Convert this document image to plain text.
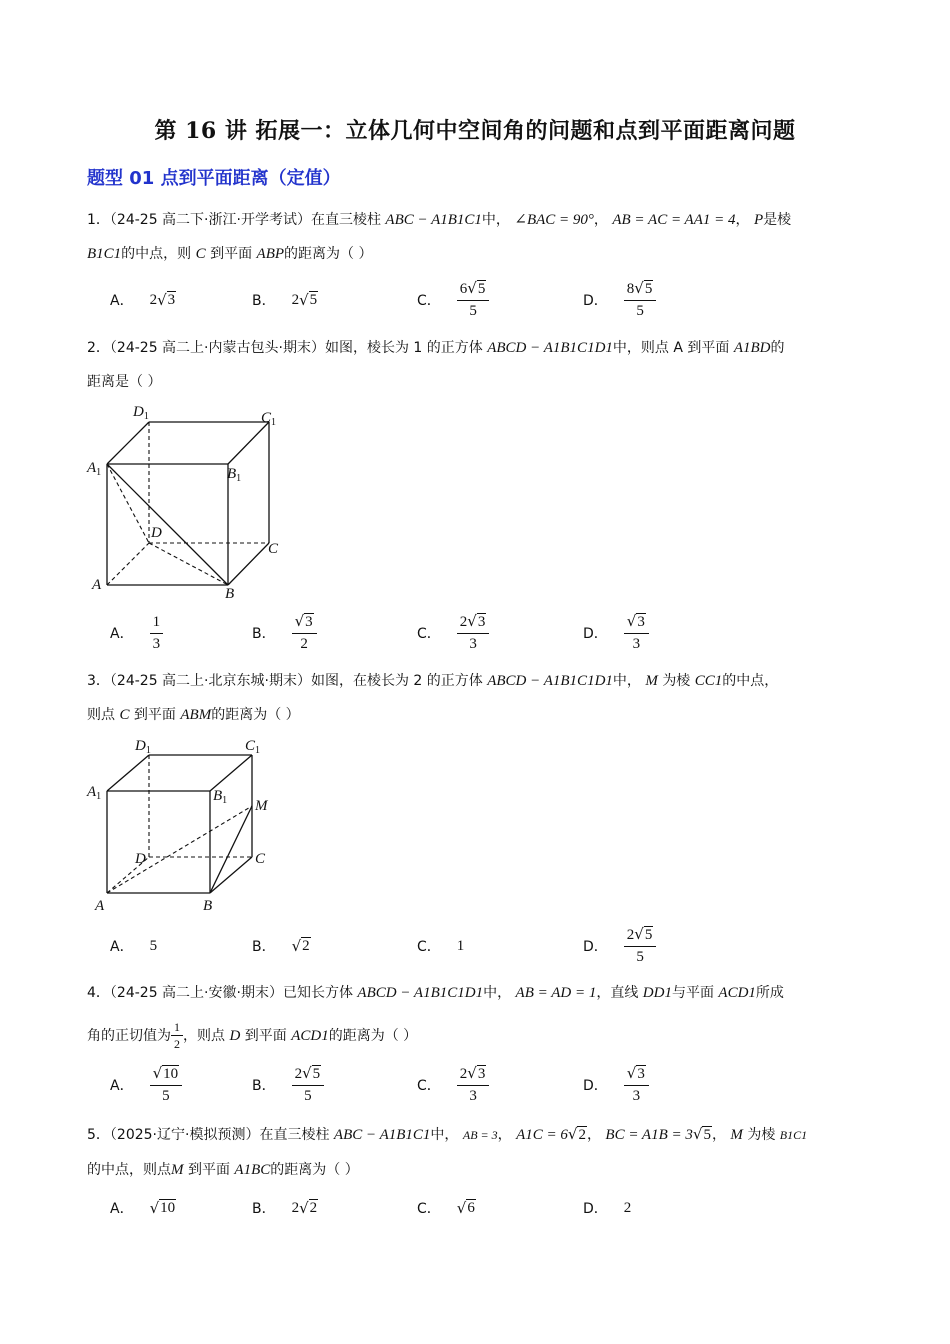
第 16 讲 拓展一：立体几何中空间角的问题和点到平面距离问题
题型 01 点到平面距离（定值）
1．（24-25 高二下·浙江·开学考试）在直三棱柱 ABC − A1B1C1中， ∠BAC = 90°， AB = AC = AA1 = 4， P是棱
B1C1的中点，则 C 到平面 ABP的距离为（ ）
A． 2 √ 3	B． 2 √ 5	C． $\frac{6√5}{5}$	D． $\frac{8√5}{5}$
2．（24-25 高二上·内蒙古包头·期末）如图，棱长为 1 的正方体 ABCD − A1B1C1D1中，则点 A 到平面 A1BD的
距离是（ ）
$D_1$	$C_1$
$A_1$	$B_1$
D
C
A
B
A． $\frac{1}{3}$	B． $\frac{√3}{2}$	C． $\frac{2√3}{3}$	D． $\frac{√3}{3}$
3．（24-25 高二上·北京东城·期末）如图，在棱长为 2 的正方体 ABCD − A1B1C1D1中， M 为棱 CC1的中点，
则点 C 到平面 ABM的距离为（ ）
$D_1$	$C_1$
$A_1$	$B_1$ M
D	C
A	B
A． 5	B． √ 2	C． 1	D． $\frac{2√5}{5}$
4．（24-25 高二上·安徽·期末）已知长方体 ABCD − A1B1C1D1中， AB = AD = 1，直线 DD1与平面 ACD1所成
角的正切值为 $\frac{1}{2}$ ，则点
D
到平面
ACD1 的距离为（ ）
A． $\frac{√10}{5}$	B． $\frac{2√5}{5}$	C． $\frac{2√3}{3}$	D． $\frac{√3}{3}$
5．（2025·辽宁·模拟预测）在直三棱柱 ABC − A1B1C1中， AB = 3， A1C = 6√2， BC = A1B = 3√5， M 为棱 B1C1
的中点，则点M 到平面 A1BC的距离为（ ）
A． √ 10	B． 2 √ 2	C． √ 6	D． 2
